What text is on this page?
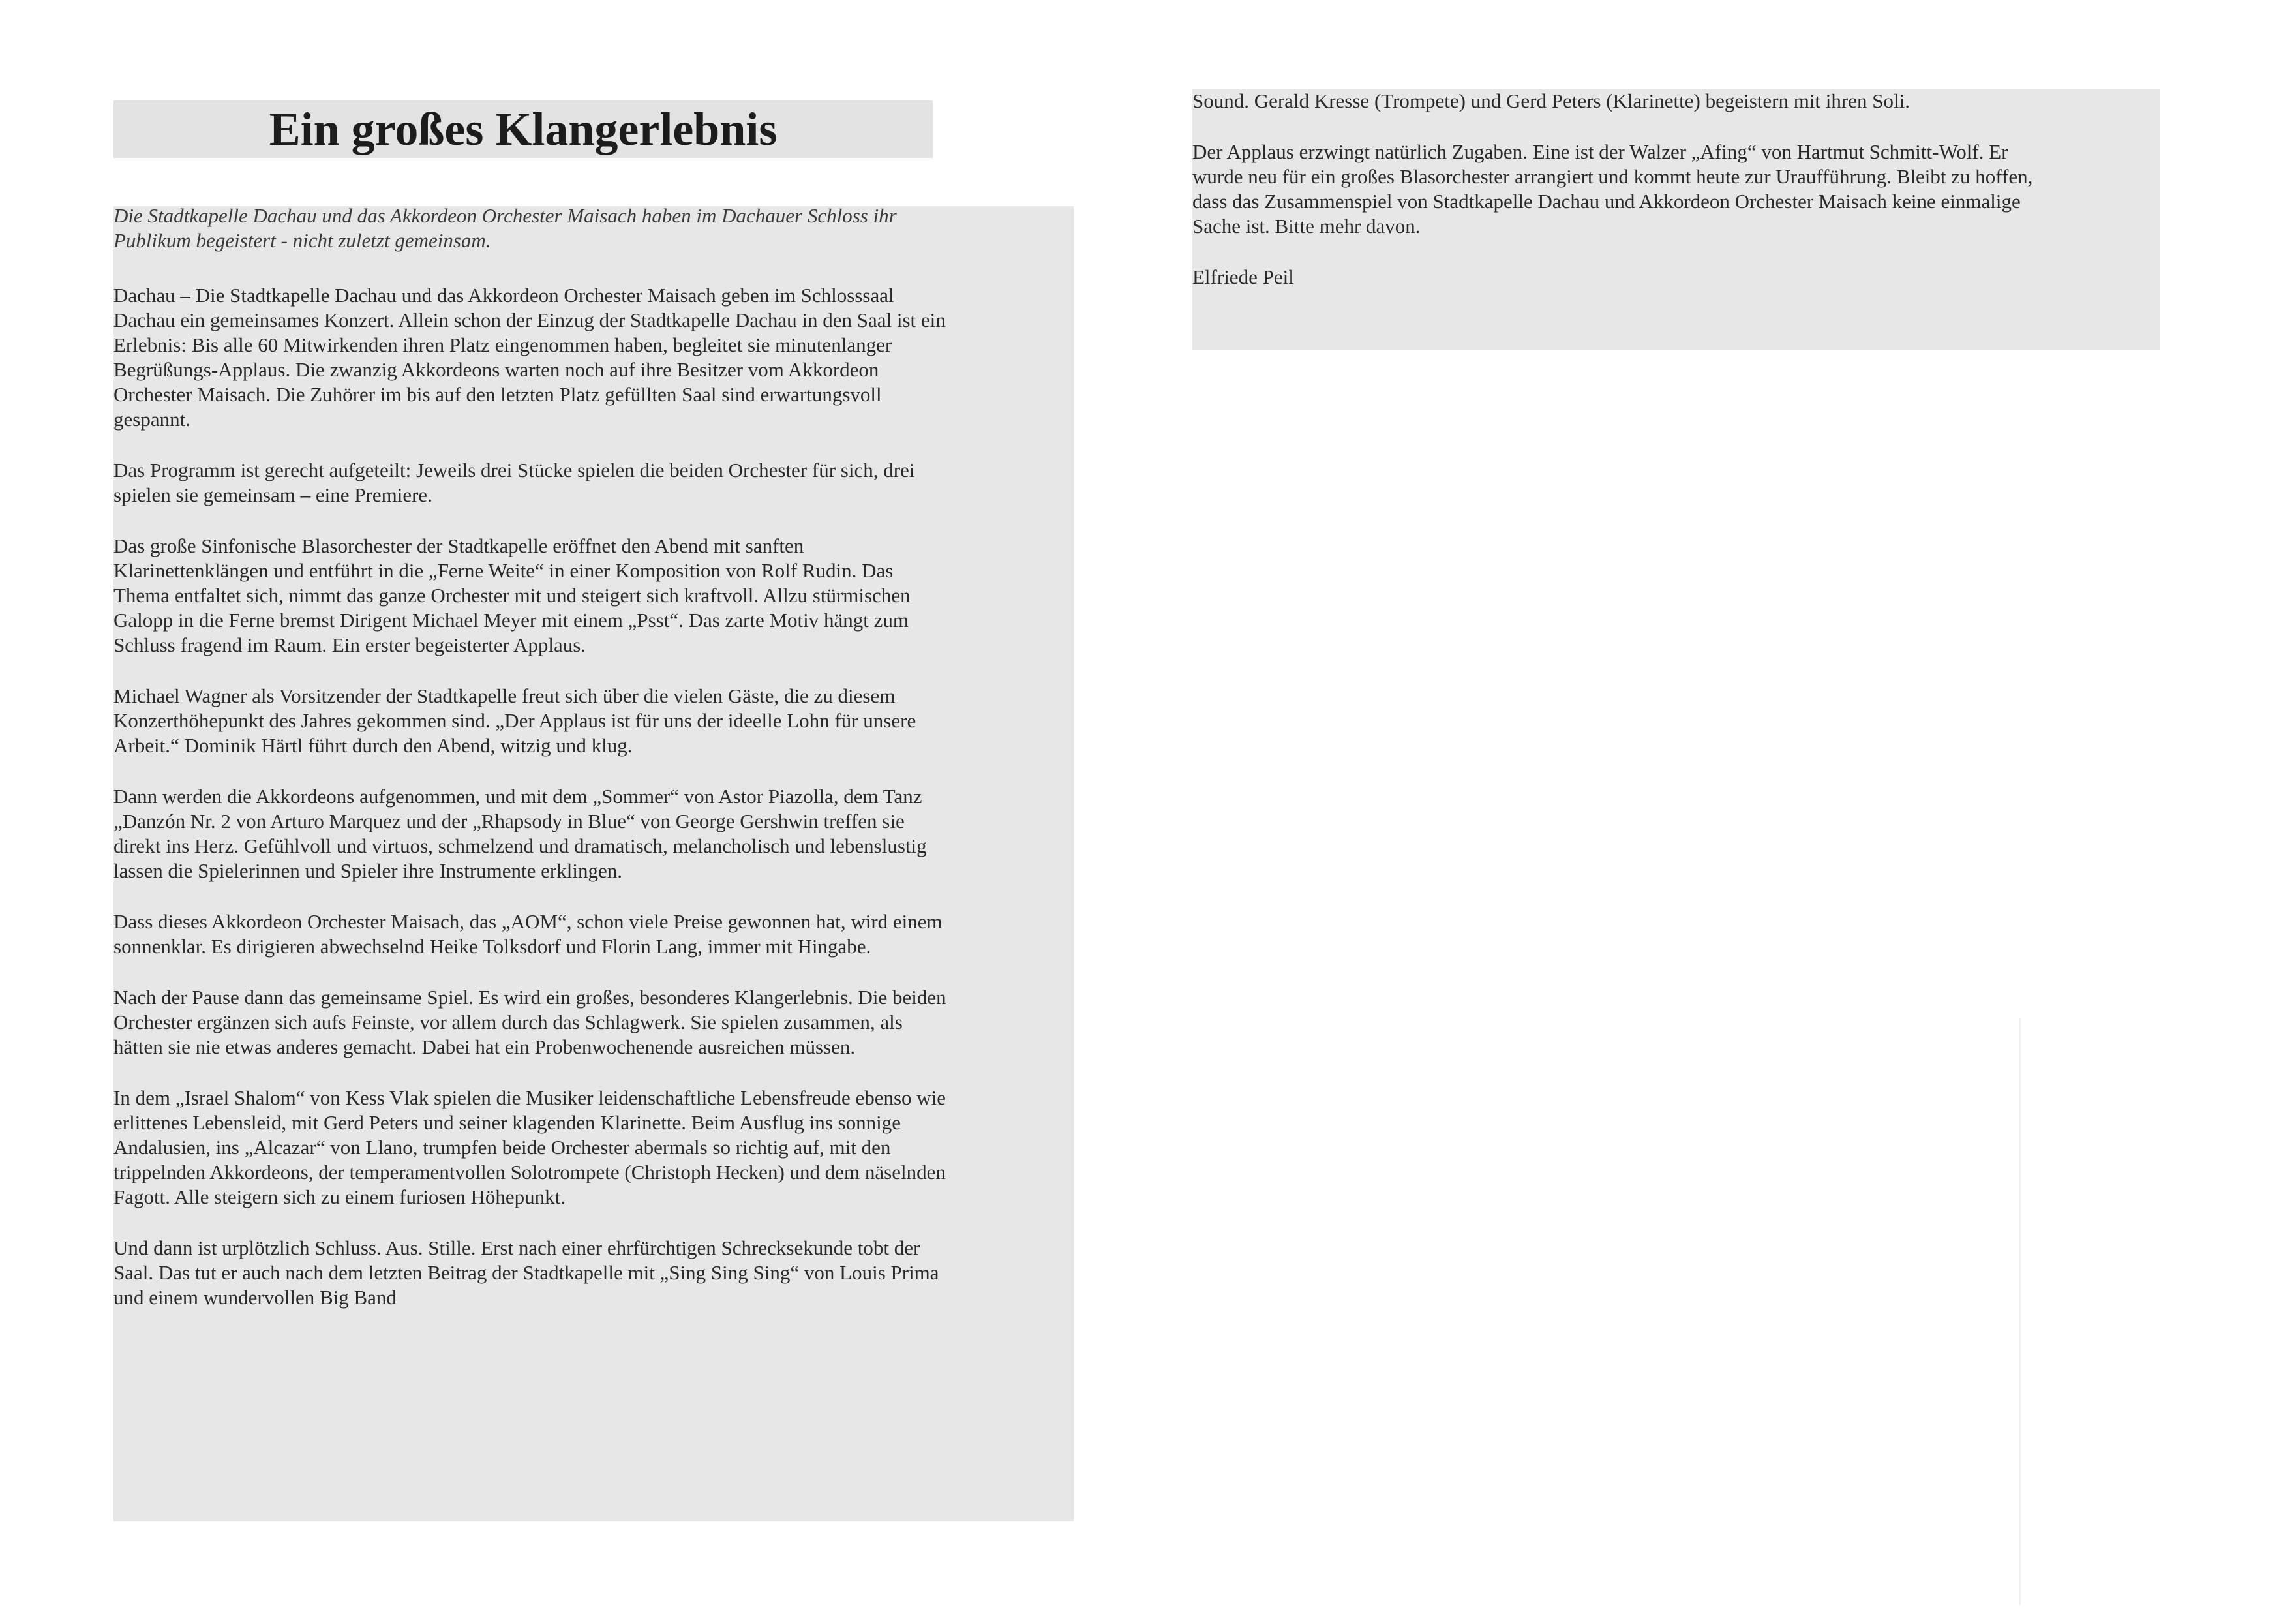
Ein großes Klangerlebnis

Dachau – Die Stadtkapelle Dachau und das Akkordeon Orchester Maisach geben im Schlosssaal Dachau ein gemeinsames Konzert. Allein schon der Einzug der Stadtkapelle Dachau in den Saal ist ein Erlebnis: Bis alle 60 Mitwirkenden ihren Platz eingenommen haben, begleitet sie minutenlanger Begrüßungs-Applaus. Die zwanzig Akkordeons warten noch auf ihre Besitzer vom Akkordeon Orchester Maisach. Die Zuhörer im bis auf den letzten Platz gefüllten Saal sind erwartungsvoll gespannt.

Das Programm ist gerecht aufgeteilt: Jeweils drei Stücke spielen die beiden Orchester für sich, drei spielen sie gemeinsam – eine Premiere.

Das große Sinfonische Blasorchester der Stadtkapelle eröffnet den Abend mit sanften Klarinettenklängen und entführt in die „Ferne Weite“ in einer Komposition von Rolf Rudin. Das Thema entfaltet sich, nimmt das ganze Orchester mit und steigert sich kraftvoll. Allzu stürmischen Galopp in die Ferne bremst Dirigent Michael Meyer mit einem „Psst“. Das zarte Motiv hängt zum Schluss fragend im Raum. Ein erster begeisterter Applaus.

Michael Wagner als Vorsitzender der Stadtkapelle freut sich über die vielen Gäste, die zu diesem Konzerthöhepunkt des Jahres gekommen sind. „Der Applaus ist für uns der ideelle Lohn für unsere Arbeit.“ Dominik Härtl führt durch den Abend, witzig und klug.

Dann werden die Akkordeons aufgenommen, und mit dem „Sommer“ von Astor Piazolla, dem Tanz „Danzón Nr. 2 von Arturo Marquez und der „Rhapsody in Blue“ von George Gershwin treffen sie direkt ins Herz. Gefühlvoll und virtuos, schmelzend und dramatisch, melancholisch und lebenslustig lassen die Spielerinnen und Spieler ihre Instrumente erklingen.

Dass dieses Akkordeon Orchester Maisach, das „AOM“, schon viele Preise gewonnen hat, wird einem sonnenklar. Es dirigieren abwechselnd Heike Tolksdorf und Florin Lang, immer mit Hingabe.

Nach der Pause dann das gemeinsame Spiel. Es wird ein großes, besonderes Klangerlebnis. Die beiden Orchester ergänzen sich aufs Feinste, vor allem durch das Schlagwerk. Sie spielen zusammen, als hätten sie nie etwas anderes gemacht. Dabei hat ein Probenwochenende ausreichen müssen.

In dem „Israel Shalom“ von Kess Vlak spielen die Musiker leidenschaftliche Lebensfreude ebenso wie erlittenes Lebensleid, mit Gerd Peters und seiner klagenden Klarinette. Beim Ausflug ins sonnige Andalusien, ins „Alcazar“ von Llano, trumpfen beide Orchester abermals so richtig auf, mit den trippelnden Akkordeons, der temperamentvollen Solotrompete (Christoph Hecken) und dem näselnden Fagott. Alle steigern sich zu einem furiosen Höhepunkt.

Und dann ist urplötzlich Schluss. Aus. Stille. Erst nach einer ehrfürchtigen Schrecksekunde tobt der Saal. Das tut er auch nach dem letzten Beitrag der Stadtkapelle mit „Sing Sing Sing“ von Louis Prima und einem wundervollen Big Band

Die Stadtkapelle Dachau und das Akkordeon Orchester Maisach haben im Dachauer Schloss ihr Publikum begeistert - nicht zuletzt gemeinsam.

Sound. Gerald Kresse (Trompete) und Gerd Peters (Klarinette) begeistern mit ihren Soli.

Der Applaus erzwingt natürlich Zugaben. Eine ist der Walzer „Afing“ von Hartmut Schmitt-Wolf. Er wurde neu für ein großes Blasorchester arrangiert und kommt heute zur Uraufführung. Bleibt zu hoffen, dass das Zusammenspiel von Stadtkapelle Dachau und Akkordeon Orchester Maisach keine einmalige Sache ist. Bitte mehr davon.

Elfriede Peil
